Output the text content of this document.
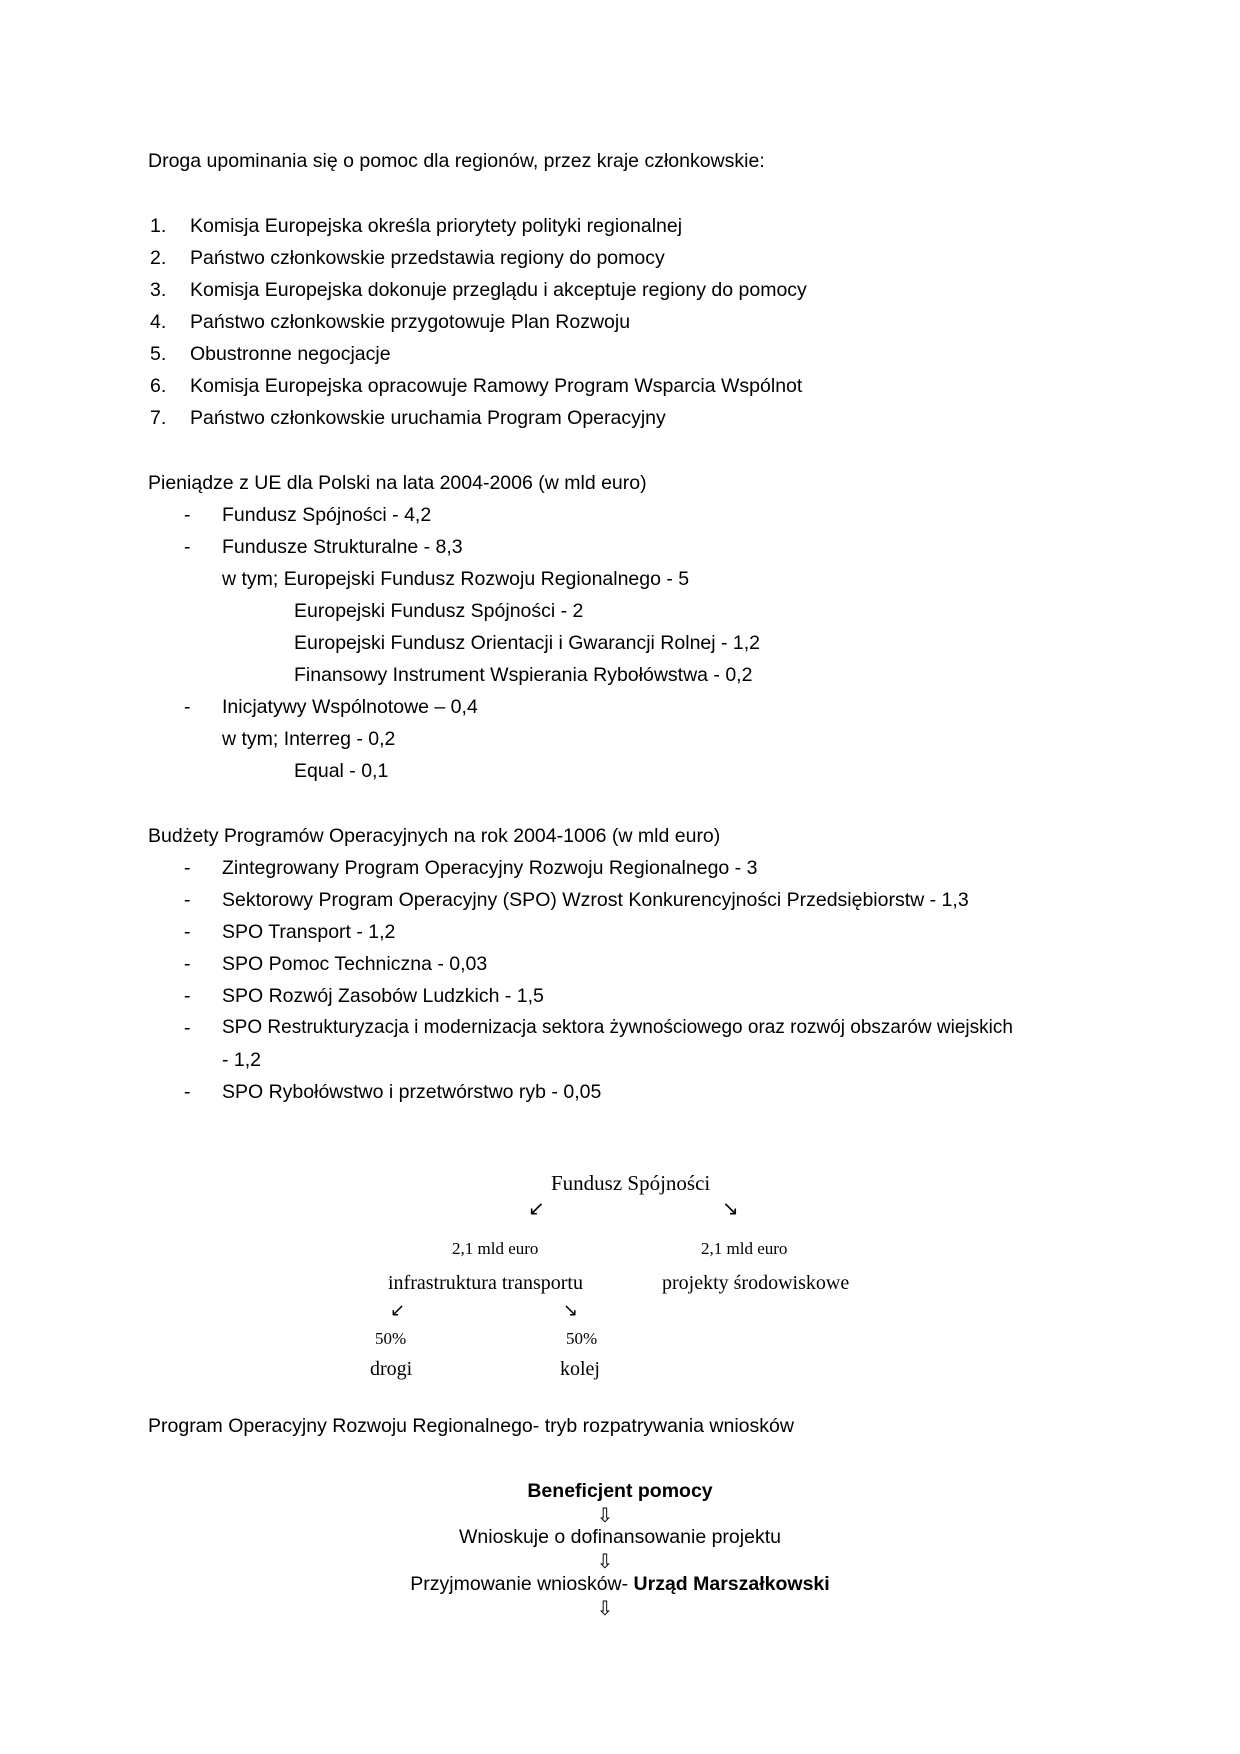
Droga upominania się o pomoc dla regionów, przez kraje członkowskie:
1. Komisja Europejska określa priorytety polityki regionalnej
2. Państwo członkowskie przedstawia regiony do pomocy
3. Komisja Europejska dokonuje przeglądu i akceptuje regiony do pomocy
4. Państwo członkowskie przygotowuje Plan Rozwoju
5. Obustronne negocjacje
6. Komisja Europejska opracowuje Ramowy Program Wsparcia Wspólnot
7. Państwo członkowskie uruchamia Program Operacyjny
Pieniądze z UE dla Polski na lata 2004-2006 (w mld euro)
- Fundusz Spójności - 4,2
- Fundusze Strukturalne - 8,3
w tym; Europejski Fundusz Rozwoju Regionalnego - 5
Europejski Fundusz Spójności - 2
Europejski Fundusz Orientacji i Gwarancji Rolnej - 1,2
Finansowy Instrument Wspierania Rybołówstwa - 0,2
- Inicjatywy Wspólnotowe – 0,4
w tym; Interreg - 0,2
Equal - 0,1
Budżety Programów Operacyjnych na rok 2004-1006 (w mld euro)
- Zintegrowany Program Operacyjny Rozwoju Regionalnego - 3
- Sektorowy Program Operacyjny (SPO) Wzrost Konkurencyjności Przedsiębiorstw - 1,3
- SPO Transport - 1,2
- SPO Pomoc Techniczna - 0,03
- SPO Rozwój Zasobów Ludzkich - 1,5
- SPO Restrukturyzacja i modernizacja sektora żywnościowego oraz rozwój obszarów wiejskich
- 1,2
- SPO Rybołówstwo i przetwórstwo ryb - 0,05
Fundusz Spójności
↙	↘
2,1 mld euro	2,1 mld euro
infrastruktura transportu	projekty środowiskowe
↙	↘
50%	50%
drogi	kolej
Program Operacyjny Rozwoju Regionalnego- tryb rozpatrywania wniosków
Beneficjent pomocy
⇩
Wnioskuje o dofinansowanie projektu
⇩
Przyjmowanie wniosków- Urząd Marszałkowski
⇩
